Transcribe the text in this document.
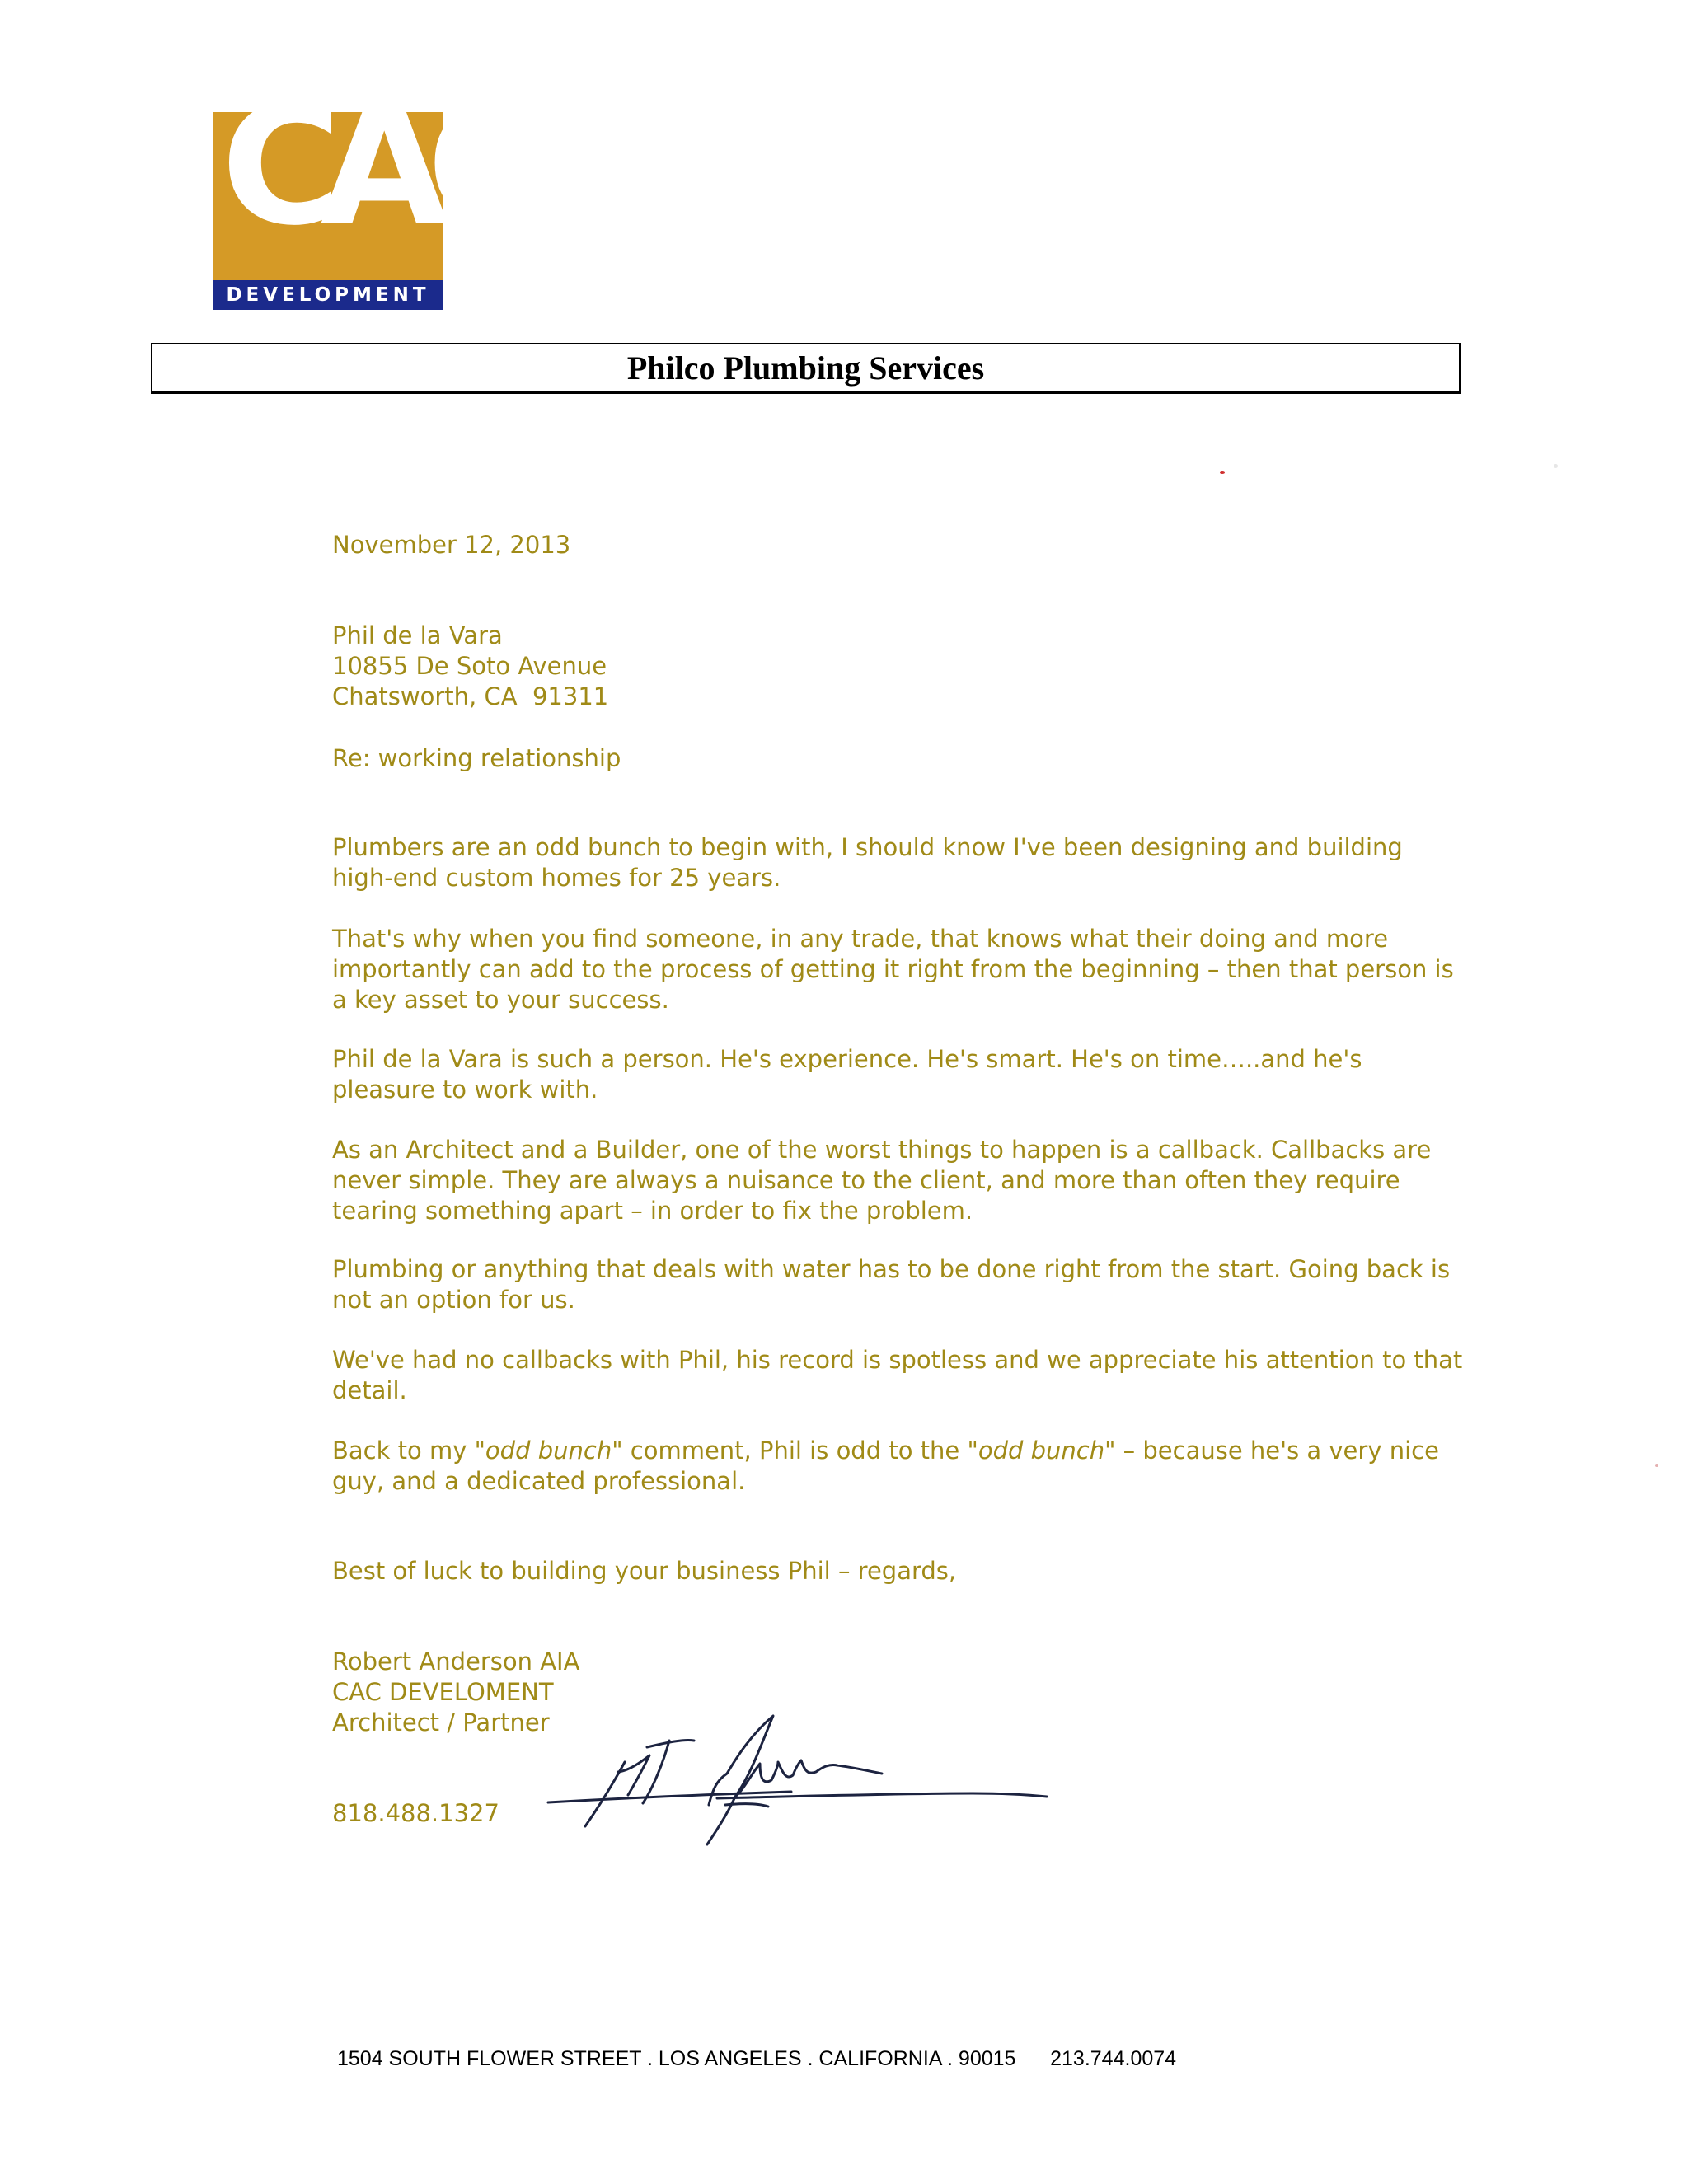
CAC
DEVELOPMENT
Philco Plumbing Services

November 12, 2013

Phil de la Vara

10855 De Soto Avenue

Chatsworth, CA  91311

Re: working relationship

Plumbers are an odd bunch to begin with, I should know I've been designing and building high-end custom homes for 25 years.

That's why when you find someone, in any trade, that knows what their doing and more importantly can add to the process of getting it right from the beginning – then that person is a key asset to your success.

Phil de la Vara is such a person. He's experience. He's smart. He's on time…..and he's pleasure to work with.

As an Architect and a Builder, one of the worst things to happen is a callback. Callbacks are never simple. They are always a nuisance to the client, and more than often they require tearing something apart – in order to fix the problem.

Plumbing or anything that deals with water has to be done right from the start. Going back is not an option for us.

We've had no callbacks with Phil, his record is spotless and we appreciate his attention to that detail.

Back to my "odd bunch" comment, Phil is odd to the "odd bunch" – because he's a very nice guy, and a dedicated professional.

Best of luck to building your business Phil – regards,

Robert Anderson AIA

CAC DEVELOMENT

Architect / Partner

818.488.1327

1504 SOUTH FLOWER STREET . LOS ANGELES . CALIFORNIA . 90015 213.744.0074
